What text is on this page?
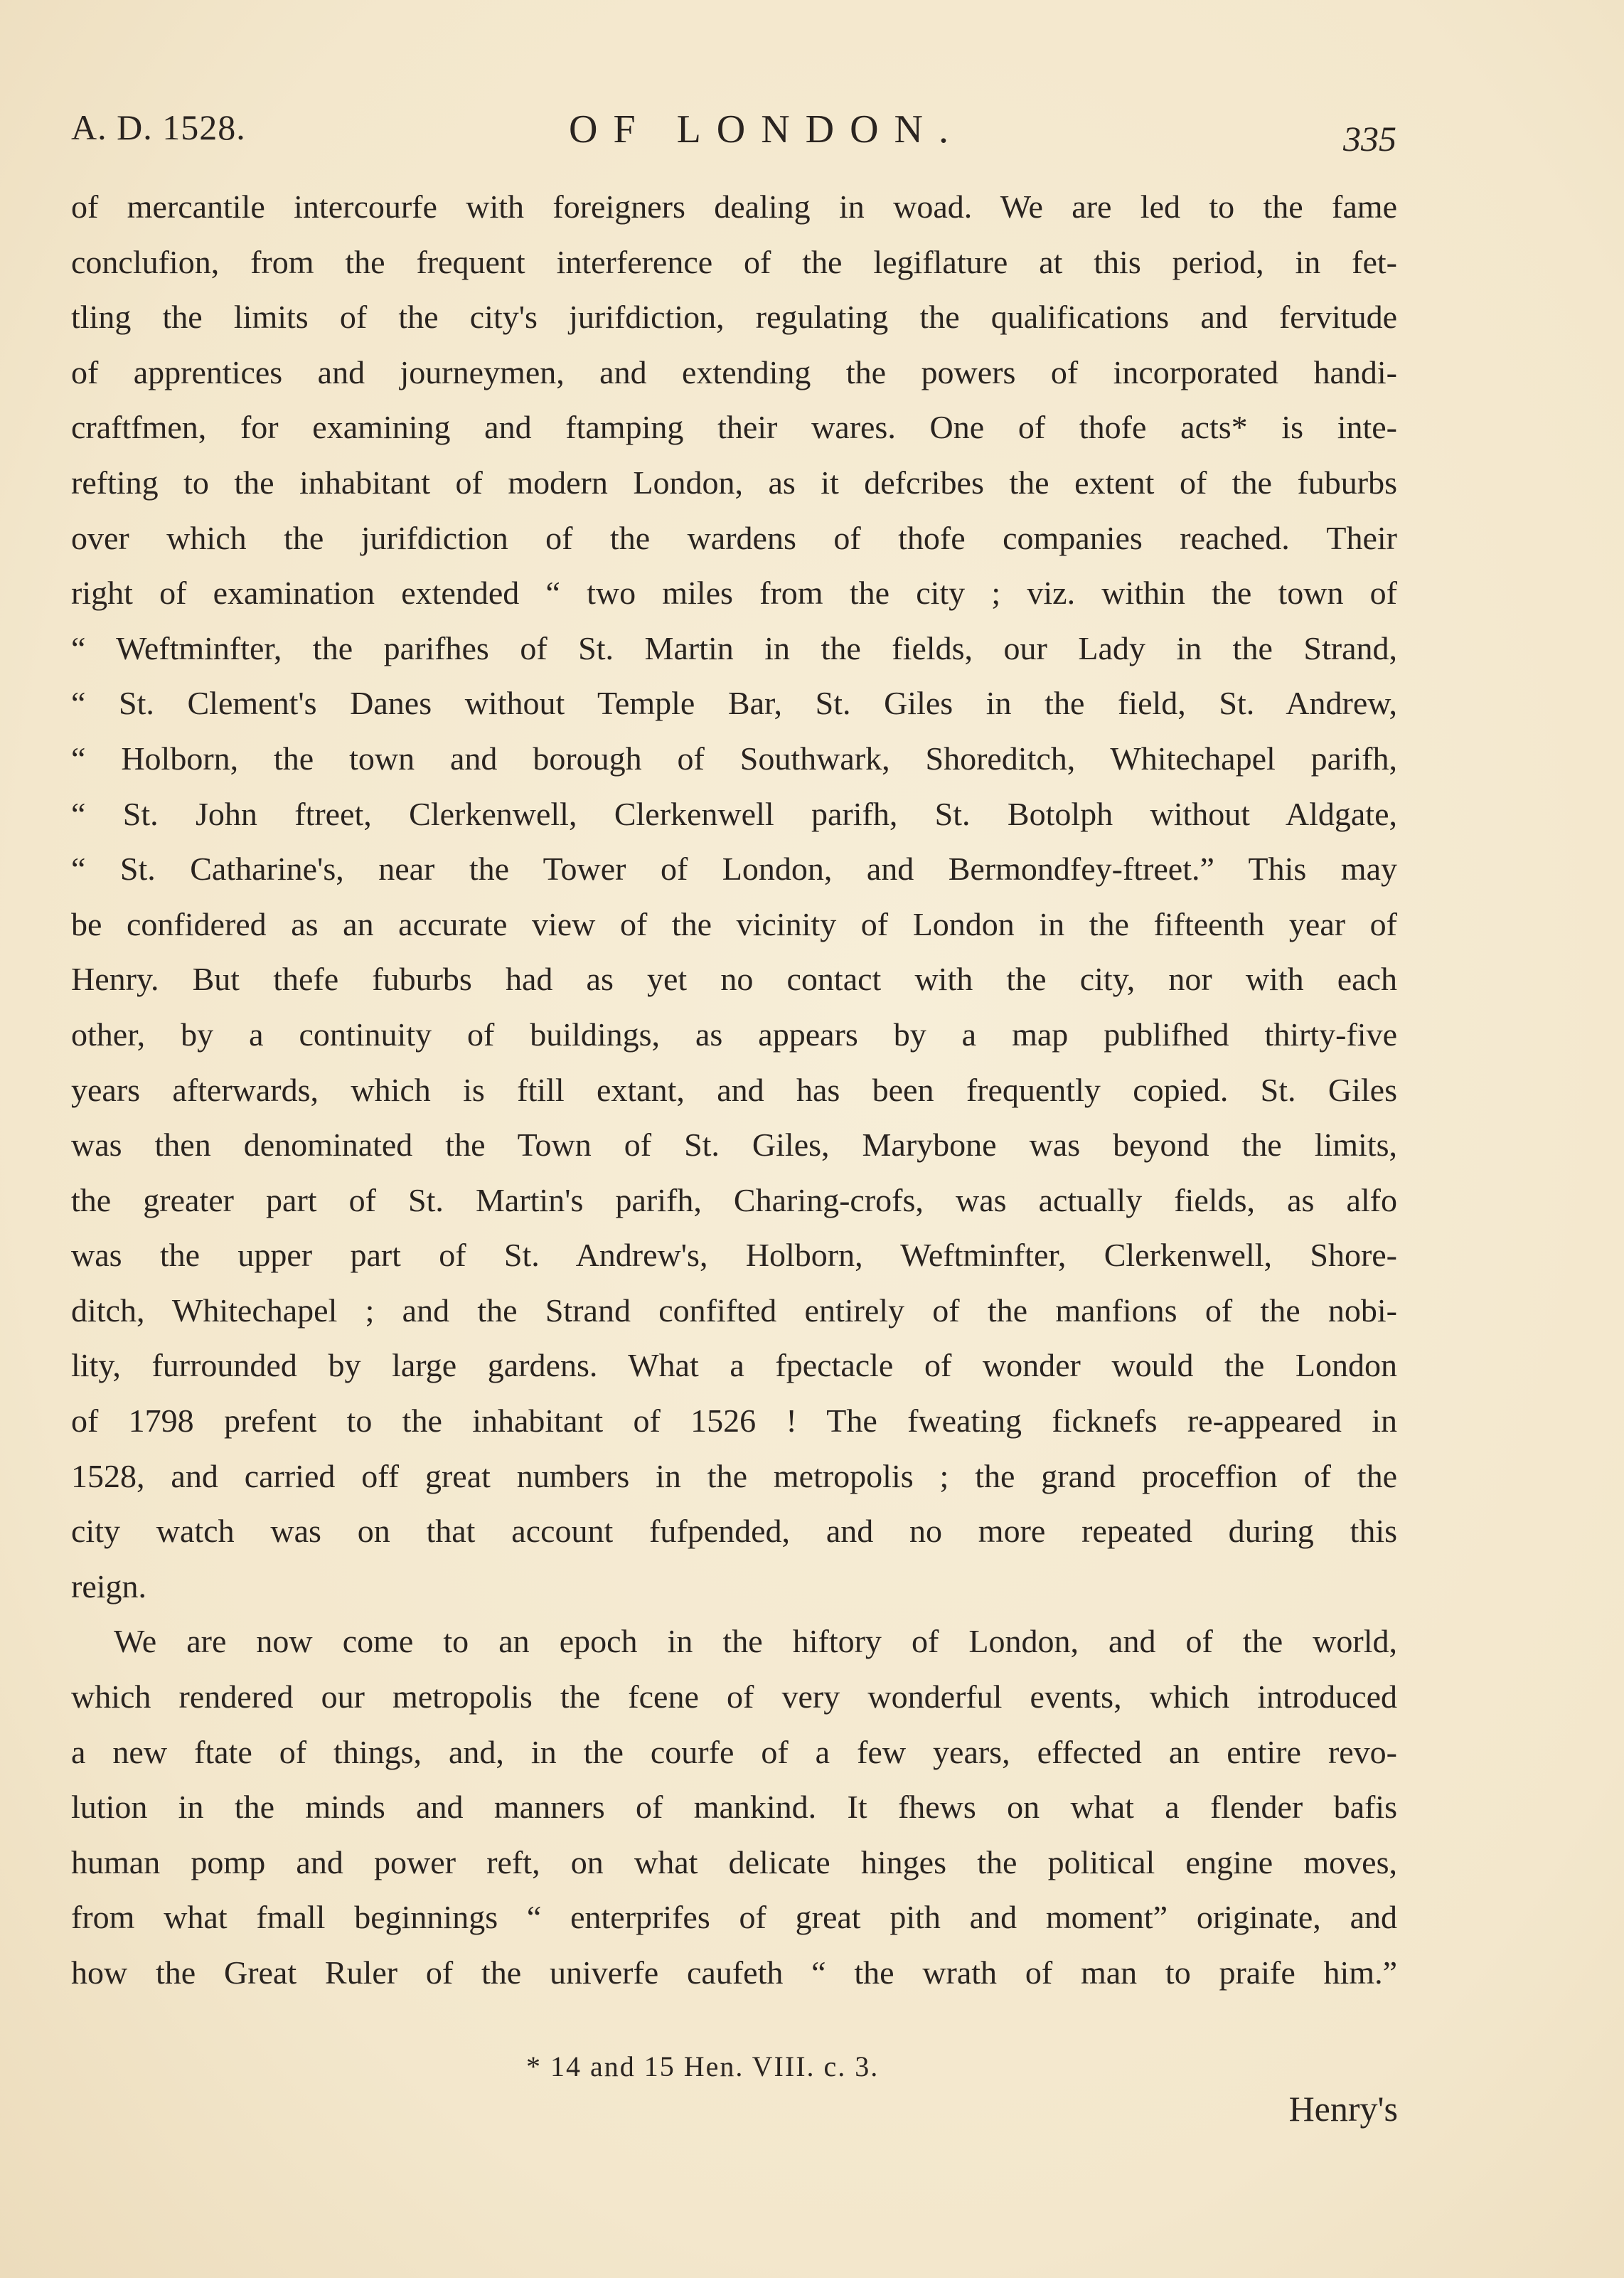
A. D. 1528.	OF LONDON.	335
of mercantile intercourfe with foreigners dealing in woad. We are led to the fame
conclufion, from the frequent interference of the legiflature at this period, in fet-
tling the limits of the city's jurifdiction, regulating the qualifications and fervitude
of apprentices and journeymen, and extending the powers of incorporated handi-
craftfmen, for examining and ftamping their wares. One of thofe acts* is inte-
refting to the inhabitant of modern London, as it defcribes the extent of the fuburbs
over which the jurifdiction of the wardens of thofe companies reached. Their
right of examination extended “ two miles from the city ; viz. within the town of
“ Weftminfter, the parifhes of St. Martin in the fields, our Lady in the Strand,
“ St. Clement's Danes without Temple Bar, St. Giles in the field, St. Andrew,
“ Holborn, the town and borough of Southwark, Shoreditch, Whitechapel parifh,
“ St. John ftreet, Clerkenwell, Clerkenwell parifh, St. Botolph without Aldgate,
“ St. Catharine's, near the Tower of London, and Bermondfey-ftreet.” This may
be confidered as an accurate view of the vicinity of London in the fifteenth year of
Henry. But thefe fuburbs had as yet no contact with the city, nor with each
other, by a continuity of buildings, as appears by a map publifhed thirty-five
years afterwards, which is ftill extant, and has been frequently copied. St. Giles
was then denominated the Town of St. Giles, Marybone was beyond the limits,
the greater part of St. Martin's parifh, Charing-crofs, was actually fields, as alfo
was the upper part of St. Andrew's, Holborn, Weftminfter, Clerkenwell, Shore-
ditch, Whitechapel ; and the Strand confifted entirely of the manfions of the nobi-
lity, furrounded by large gardens. What a fpectacle of wonder would the London
of 1798 prefent to the inhabitant of 1526 ! The fweating ficknefs re-appeared in
1528, and carried off great numbers in the metropolis ; the grand proceffion of the
city watch was on that account fufpended, and no more repeated during this
reign.
We are now come to an epoch in the hiftory of London, and of the world,
which rendered our metropolis the fcene of very wonderful events, which introduced
a new ftate of things, and, in the courfe of a few years, effected an entire revo-
lution in the minds and manners of mankind. It fhews on what a flender bafis
human pomp and power reft, on what delicate hinges the political engine moves,
from what fmall beginnings “ enterprifes of great pith and moment” originate, and
how the Great Ruler of the univerfe caufeth “ the wrath of man to praife him.”
* 14 and 15 Hen. VIII. c. 3.
Henry's
